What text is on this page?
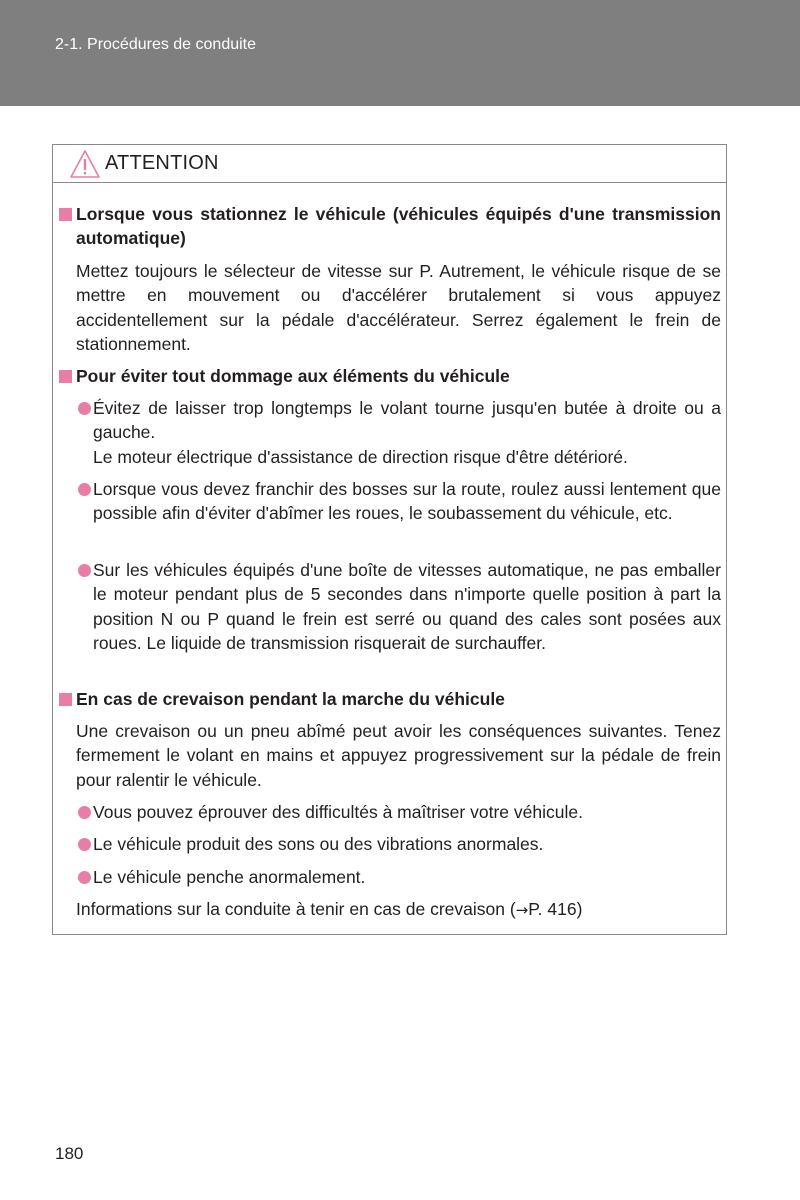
2-1. Procédures de conduite
ATTENTION
Lorsque vous stationnez le véhicule (véhicules équipés d'une transmission automatique)
Mettez toujours le sélecteur de vitesse sur P. Autrement, le véhicule risque de se mettre en mouvement ou d'accélérer brutalement si vous appuyez accidentellement sur la pédale d'accélérateur. Serrez également le frein de stationnement.
Pour éviter tout dommage aux éléments du véhicule
Évitez de laisser trop longtemps le volant tourne jusqu'en butée à droite ou a gauche.
Le moteur électrique d'assistance de direction risque d'être détérioré.
Lorsque vous devez franchir des bosses sur la route, roulez aussi lentement que possible afin d'éviter d'abîmer les roues, le soubassement du véhicule, etc.
Sur les véhicules équipés d'une boîte de vitesses automatique, ne pas emballer le moteur pendant plus de 5 secondes dans n'importe quelle position à part la position N ou P quand le frein est serré ou quand des cales sont posées aux roues. Le liquide de transmission risquerait de surchauffer.
En cas de crevaison pendant la marche du véhicule
Une crevaison ou un pneu abîmé peut avoir les conséquences suivantes. Tenez fermement le volant en mains et appuyez progressivement sur la pédale de frein pour ralentir le véhicule.
Vous pouvez éprouver des difficultés à maîtriser votre véhicule.
Le véhicule produit des sons ou des vibrations anormales.
Le véhicule penche anormalement.
Informations sur la conduite à tenir en cas de crevaison (→P. 416)
180
